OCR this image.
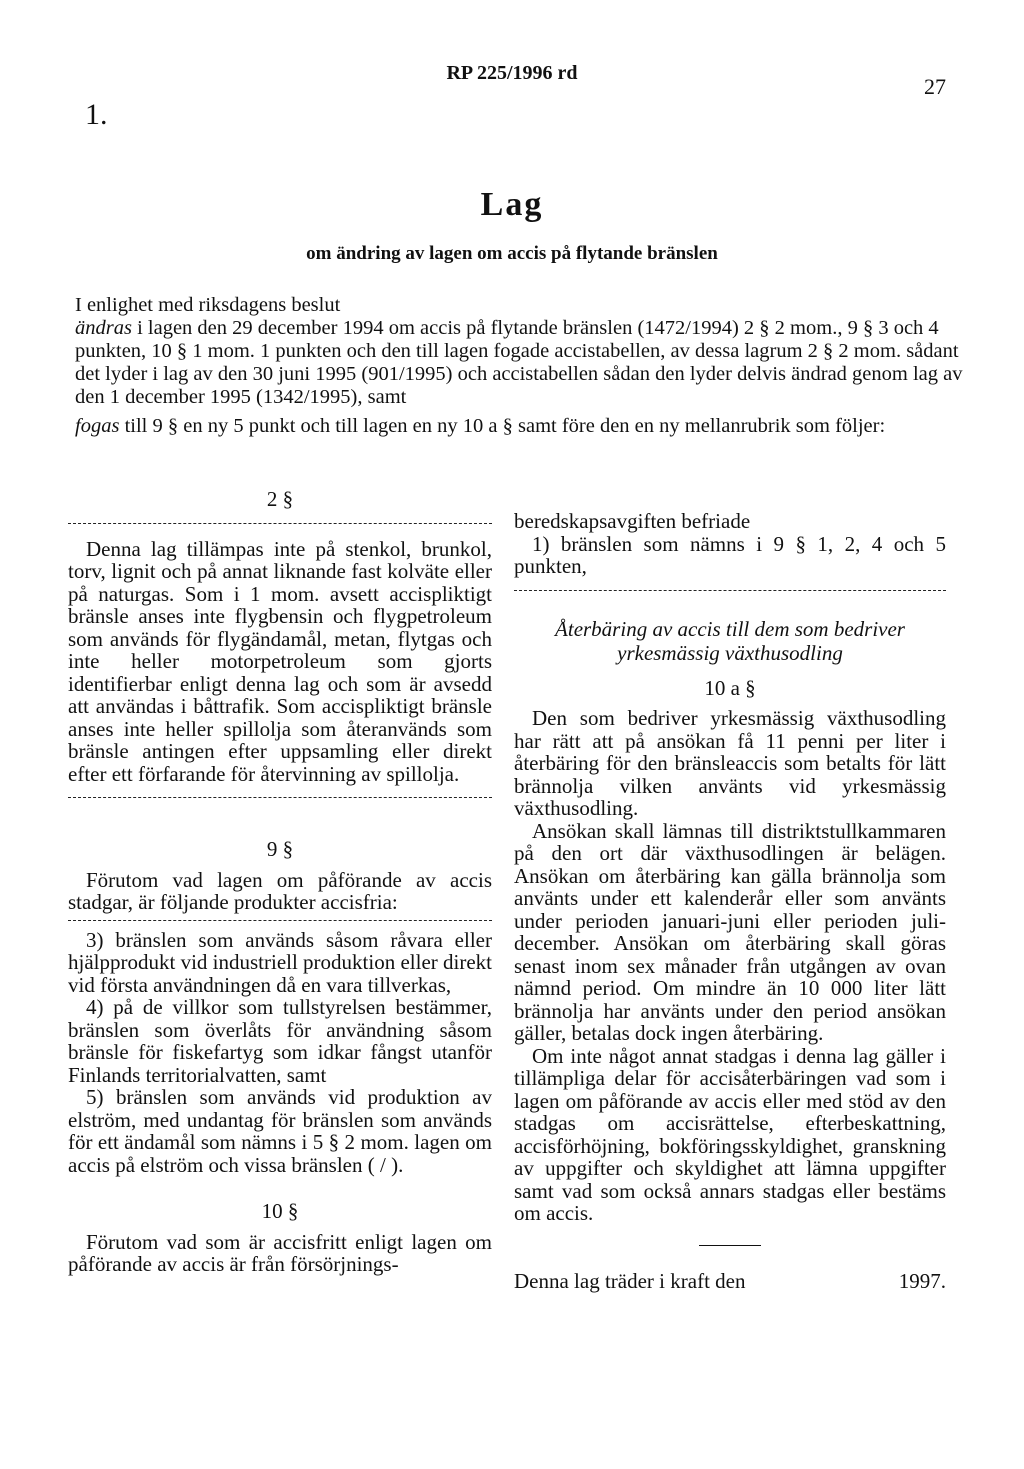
1.
RP 225/1996 rd
27
Lag
om ändring av lagen om accis på flytande bränslen

I enlighet med riksdagens beslut

ändras i lagen den 29 december 1994 om accis på flytande bränslen (1472/1994) 2 § 2 mom., 9 § 3 och 4 punkten, 10 § 1 mom. 1 punkten och den till lagen fogade accistabellen, av dessa lagrum 2 § 2 mom. sådant det lyder i lag av den 30 juni 1995 (901/1995) och accistabellen sådan den lyder delvis ändrad genom lag av den 1 december 1995 (1342/1995), samt

fogas till 9 § en ny 5 punkt och till lagen en ny 10 a § samt före den en ny mellanrubrik som följer:

2 §

Denna lag tillämpas inte på stenkol, brunkol, torv, lignit och på annat liknande fast kolväte eller på naturgas. Som i 1 mom. avsett accispliktigt bränsle anses inte flygbensin och flygpetroleum som används för flygändamål, metan, flytgas och inte heller motorpetroleum som gjorts identifierbar enligt denna lag och som är avsedd att användas i båttrafik. Som accispliktigt bränsle anses inte heller spillolja som återanvänds som bränsle antingen efter uppsamling eller direkt efter ett förfarande för återvinning av spillolja.

9 §

Förutom vad lagen om påförande av accis stadgar, är följande produkter accisfria:

3) bränslen som används såsom råvara eller hjälpprodukt vid industriell produktion eller direkt vid första användningen då en vara tillverkas,

4) på de villkor som tullstyrelsen bestämmer, bränslen som överlåts för användning såsom bränsle för fiskefartyg som idkar fångst utanför Finlands territorialvatten, samt

5) bränslen som används vid produktion av elström, med undantag för bränslen som används för ett ändamål som nämns i 5 § 2 mom. lagen om accis på elström och vissa bränslen ( / ).

10 §

Förutom vad som är accisfritt enligt lagen om påförande av accis är från försörjnings-

beredskapsavgiften befriade

1) bränslen som nämns i 9 § 1, 2, 4 och 5 punkten,

Återbäring av accis till dem som bedriver yrkesmässig växthusodling
10 a §

Den som bedriver yrkesmässig växthusodling har rätt att på ansökan få 11 penni per liter i återbäring för den bränsleaccis som betalts för lätt brännolja vilken använts vid yrkesmässig växthusodling.

Ansökan skall lämnas till distriktstullkammaren på den ort där växthusodlingen är belägen. Ansökan om återbäring kan gälla brännolja som använts under ett kalenderår eller som använts under perioden januari-juni eller perioden juli-december. Ansökan om återbäring skall göras senast inom sex månader från utgången av ovan nämnd period. Om mindre än 10 000 liter lätt brännolja har använts under den period ansökan gäller, betalas dock ingen återbäring.

Om inte något annat stadgas i denna lag gäller i tillämpliga delar för accisåterbäringen vad som i lagen om påförande av accis eller med stöd av den stadgas om accisrättelse, efterbeskattning, accisförhöjning, bokföringsskyldighet, granskning av uppgifter och skyldighet att lämna uppgifter samt vad som också annars stadgas eller bestäms om accis.

Denna lag träder i kraft den	1997.
